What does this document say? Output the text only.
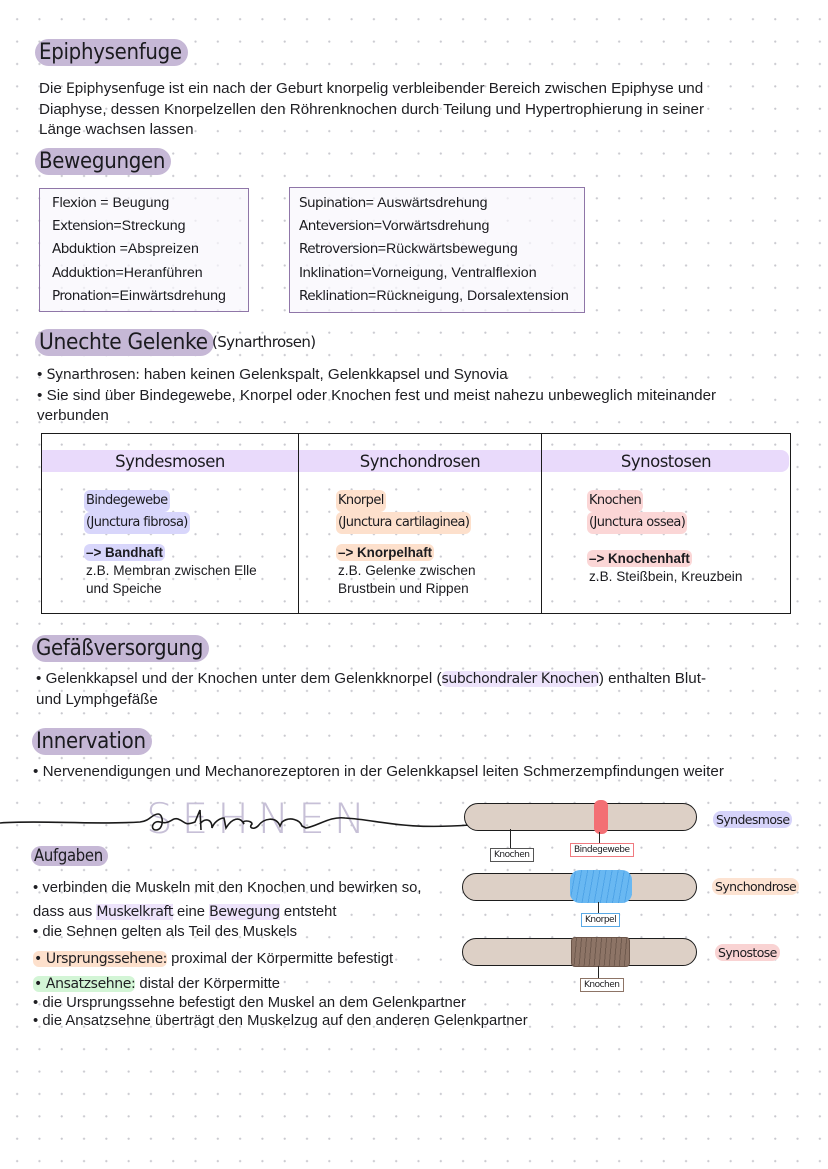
Epiphysenfuge
Die Epiphysenfuge ist ein nach der Geburt knorpelig verbleibender Bereich zwischen Epiphyse und
Diaphyse, dessen Knorpelzellen den Röhrenknochen durch Teilung und Hypertrophierung in seiner
Länge wachsen lassen
Bewegungen
Flexion = Beugung
Extension=Streckung
Abduktion =Abspreizen
Adduktion=Heranführen
Pronation=Einwärtsdrehung
Supination= Auswärtsdrehung
Anteversion=Vorwärtsdrehung
Retroversion=Rückwärtsbewegung
Inklination=Vorneigung, Ventralflexion
Reklination=Rückneigung, Dorsalextension
Unechte Gelenke (Synarthrosen)
• Synarthrosen: haben keinen Gelenkspalt, Gelenkkapsel und Synovia
• Sie sind über Bindegewebe, Knorpel oder Knochen fest und meist nahezu unbeweglich miteinander
verbunden
Syndesmosen
Bindegewebe
(Junctura fibrosa)
–> Bandhaft
z.B. Membran zwischen Elle
und Speiche

Synchondrosen
Knorpel
(Junctura cartilaginea)
–> Knorpelhaft
z.B. Gelenke zwischen
Brustbein und Rippen

Synostosen
Knochen
(Junctura ossea)
–> Knochenhaft
z.B. Steißbein, Kreuzbein
Gefäßversorgung
• Gelenkkapsel und der Knochen unter dem Gelenkknorpel (subchondraler Knochen) enthalten Blut-
und Lymphgefäße
Innervation
• Nervenendigungen und Mechanorezeptoren in der Gelenkkapsel leiten Schmerzempfindungen weiter
SEHNEN
Aufgaben
• verbinden die Muskeln mit den Knochen und bewirken so,
dass aus Muskelkraft eine Bewegung entsteht
• die Sehnen gelten als Teil des Muskels
• Ursprungssehene: proximal der Körpermitte befestigt
• Ansatzsehne: distal der Körpermitte
• die Ursprungssehne befestigt den Muskel an dem Gelenkpartner
• die Ansatzsehne überträgt den Muskelzug auf den anderen Gelenkpartner
Knochen	Bindegewebe
Syndesmose
Knorpel
Synchondrose
Knochen
Synostose
